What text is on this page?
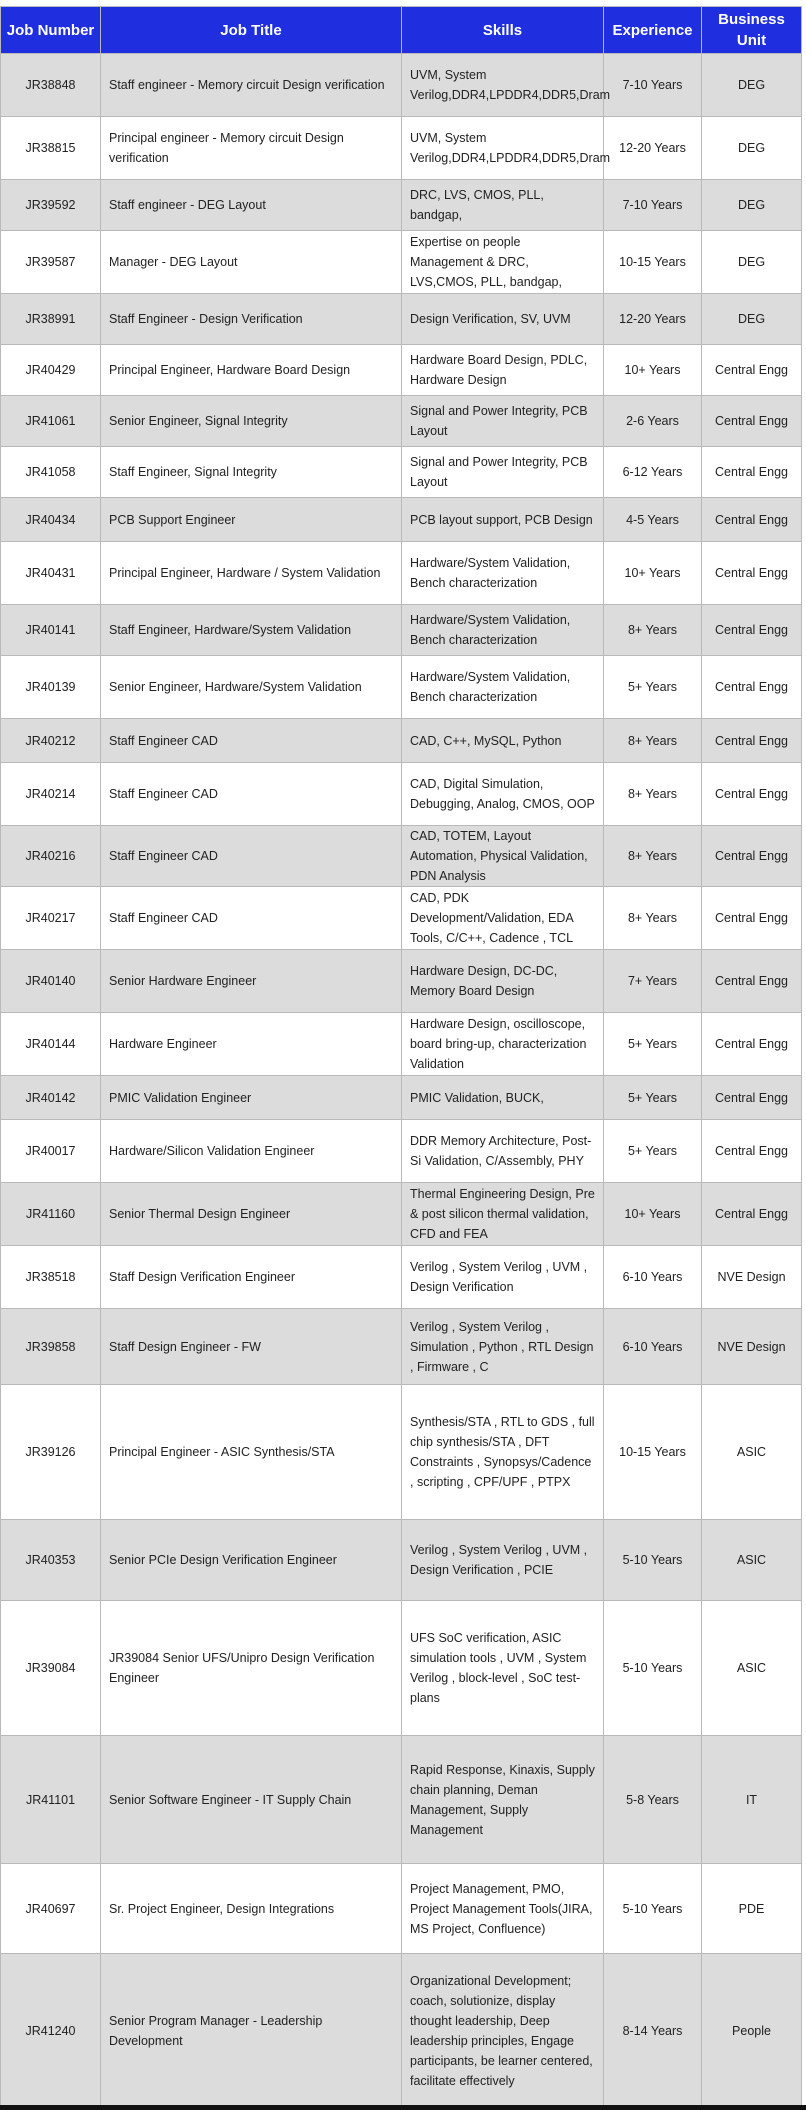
Job Number	Job Title	Skills	Experience	Business Unit
JR38848	Staff engineer - Memory circuit Design verification	UVM, System Verilog,DDR4,LPDDR4,DDR5,Dram	7-10 Years	DEG
JR38815	Principal engineer - Memory circuit Design verification	UVM, System Verilog,DDR4,LPDDR4,DDR5,Dram	12-20 Years	DEG
JR39592	Staff engineer - DEG Layout	DRC, LVS, CMOS, PLL, bandgap,	7-10 Years	DEG
JR39587	Manager - DEG Layout	Expertise on people Management & DRC, LVS,CMOS, PLL, bandgap,	10-15 Years	DEG
JR38991	Staff Engineer - Design Verification	Design Verification, SV, UVM	12-20 Years	DEG
JR40429	Principal Engineer, Hardware Board Design	Hardware Board Design, PDLC, Hardware Design	10+ Years	Central Engg
JR41061	Senior Engineer, Signal Integrity	Signal and Power Integrity, PCB Layout	2-6 Years	Central Engg
JR41058	Staff Engineer, Signal Integrity	Signal and Power Integrity, PCB Layout	6-12 Years	Central Engg
JR40434	PCB Support Engineer	PCB layout support, PCB Design	4-5 Years	Central Engg
JR40431	Principal Engineer, Hardware / System Validation	Hardware/System Validation, Bench characterization	10+ Years	Central Engg
JR40141	Staff Engineer, Hardware/System Validation	Hardware/System Validation, Bench characterization	8+ Years	Central Engg
JR40139	Senior Engineer, Hardware/System Validation	Hardware/System Validation, Bench characterization	5+ Years	Central Engg
JR40212	Staff Engineer CAD	CAD, C++, MySQL, Python	8+ Years	Central Engg
JR40214	Staff Engineer CAD	CAD, Digital Simulation, Debugging, Analog, CMOS, OOP	8+ Years	Central Engg
JR40216	Staff Engineer CAD	CAD, TOTEM, Layout Automation, Physical Validation, PDN Analysis	8+ Years	Central Engg
JR40217	Staff Engineer CAD	CAD, PDK Development/Validation, EDA Tools, C/C++, Cadence , TCL	8+ Years	Central Engg
JR40140	Senior Hardware Engineer	Hardware Design, DC-DC, Memory Board Design	7+ Years	Central Engg
JR40144	Hardware Engineer	Hardware Design, oscilloscope, board bring-up, characterization Validation	5+ Years	Central Engg
JR40142	PMIC Validation Engineer	PMIC Validation, BUCK,	5+ Years	Central Engg
JR40017	Hardware/Silicon Validation Engineer	DDR Memory Architecture, Post-Si Validation, C/Assembly, PHY	5+ Years	Central Engg
JR41160	Senior Thermal Design Engineer	Thermal Engineering Design, Pre & post silicon thermal validation, CFD and FEA	10+ Years	Central Engg
JR38518	Staff Design Verification Engineer	Verilog , System Verilog , UVM , Design Verification	6-10 Years	NVE Design
JR39858	Staff Design Engineer - FW	Verilog , System Verilog , Simulation , Python , RTL Design , Firmware , C	6-10 Years	NVE Design
JR39126	Principal Engineer - ASIC Synthesis/STA	Synthesis/STA , RTL to GDS , full chip synthesis/STA , DFT Constraints , Synopsys/Cadence , scripting , CPF/UPF , PTPX	10-15 Years	ASIC
JR40353	Senior PCIe Design Verification Engineer	Verilog , System Verilog , UVM , Design Verification , PCIE	5-10 Years	ASIC
JR39084	JR39084 Senior UFS/Unipro Design Verification Engineer	UFS SoC verification, ASIC simulation tools , UVM , System Verilog , block-level , SoC test-plans	5-10 Years	ASIC
JR41101	Senior Software Engineer - IT Supply Chain	Rapid Response, Kinaxis, Supply chain planning, Deman Management, Supply Management	5-8 Years	IT
JR40697	Sr. Project Engineer, Design Integrations	Project Management, PMO, Project Management Tools(JIRA, MS Project, Confluence)	5-10 Years	PDE
JR41240	Senior Program Manager - Leadership Development	Organizational Development; coach, solutionize, display thought leadership, Deep leadership principles, Engage participants, be learner centered, facilitate effectively	8-14 Years	People
